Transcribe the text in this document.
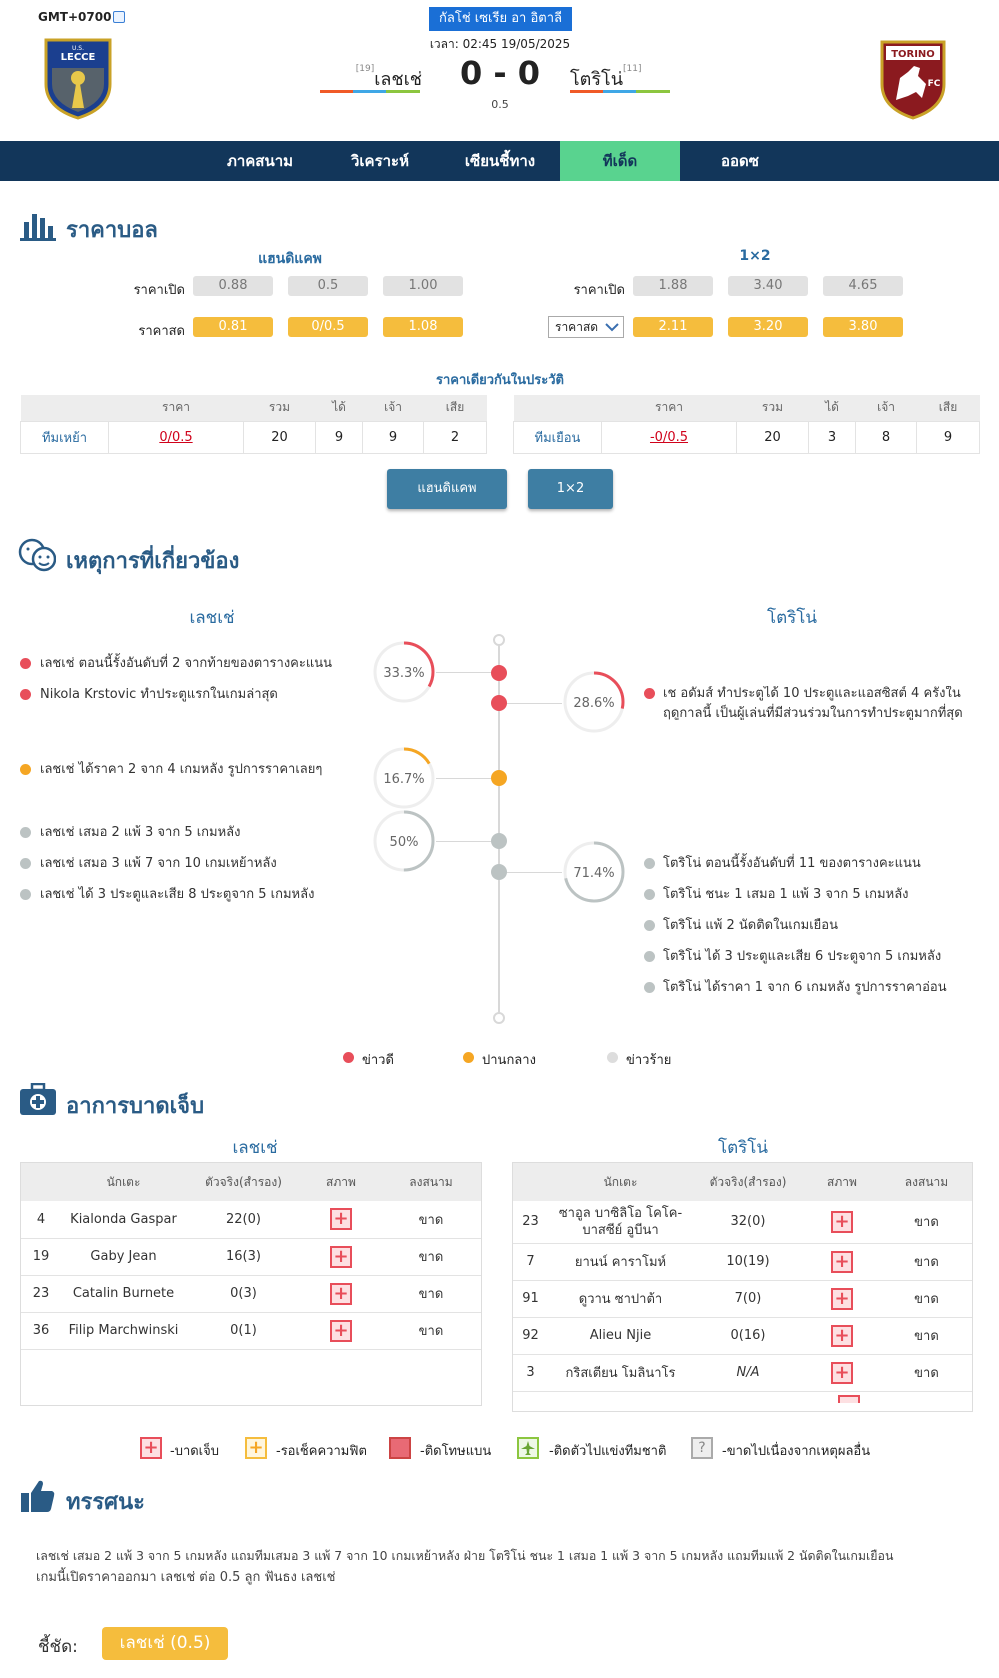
GMT+0700	กัลโช่ เซเรีย อา อิตาลี
เวลา: 02:45 19/05/2025
U.S.
LECCE	TORINO
FC
[19]เลชเช่	0 - 0
0.5
โตริโน่[11]
ภาคสนาม	วิเคราะห์	เซียนชี้ทาง	ทีเด็ด	ออดซ
ราคาบอล
แฮนดิแคพ	1×2
ราคาเปิด	0.88	0.5	1.00
ราคาสด	0.81	0/0.5	1.08
ราคาเปิด	1.88	3.40	4.65
ราคาสด	2.11	3.20	3.80
ราคาเดียวกันในประวัติ
	ราคา	รวม	ได้	เจ้า	เสีย
ทีมเหย้า	0/0.5	20	9	9	2
	ราคา	รวม	ได้	เจ้า	เสีย
ทีมเยือน	-0/0.5	20	3	8	9
แฮนดิแคพ	1×2
เหตุการที่เกี่ยวข้อง
เลชเช่	โตริโน่
33.3%
28.6%
16.7%
50%
71.4%
เลชเช่ ตอนนี้รั้งอันดับที่ 2 จากท้ายของตารางคะแนน
Nikola Krstovic ทำประตูแรกในเกมล่าสุด
เลชเช่ ได้ราคา 2 จาก 4 เกมหลัง รูปการราคาเลยๆ
เลชเช่ เสมอ 2 แพ้ 3 จาก 5 เกมหลัง
เลชเช่ เสมอ 3 แพ้ 7 จาก 10 เกมเหย้าหลัง
เลชเช่ ได้ 3 ประตูและเสีย 8 ประตูจาก 5 เกมหลัง
เช อดัมส์ ทำประตูได้ 10 ประตูและแอสซิสต์ 4 ครั้งใน
ฤดูกาลนี้ เป็นผู้เล่นที่มีส่วนร่วมในการทำประตูมากที่สุด
โตริโน่ ตอนนี้รั้งอันดับที่ 11 ของตารางคะแนน
โตริโน่ ชนะ 1 เสมอ 1 แพ้ 3 จาก 5 เกมหลัง
โตริโน่ แพ้ 2 นัดติดในเกมเยือน
โตริโน่ ได้ 3 ประตูและเสีย 6 ประตูจาก 5 เกมหลัง
โตริโน่ ได้ราคา 1 จาก 6 เกมหลัง รูปการราคาอ่อน
ข่าวดี	ปานกลาง	ข่าวร้าย
อาการบาดเจ็บ
เลชเช่	โตริโน่
	นักเตะ	ตัวจริง(สำรอง)	สภาพ	ลงสนาม
4	Kialonda Gaspar	22(0)	+	ขาด
19	Gaby Jean	16(3)	+	ขาด
23	Catalin Burnete	0(3)	+	ขาด
36	Filip Marchwinski	0(1)	+	ขาด
	นักเตะ	ตัวจริง(สำรอง)	สภาพ	ลงสนาม
23	ซาอูล บาซิลิโอ โคโค-
บาสซีย์ อูบีนา	32(0)	+	ขาด
7	ยานน์ คาราโมห์	10(19)	+	ขาด
91	ดูวาน ซาปาต้า	7(0)	+	ขาด
92	Alieu Njie	0(16)	+	ขาด
3	กริสเตียน โมลินาโร	N/A	+	ขาด
+ -บาดเจ็บ + -รอเช็คความฟิต	-ติดโทษแบน	-ติดตัวไปแข่งทีมชาติ	?	-ขาดไปเนื่องจากเหตุผลอื่น
ทรรศนะ
เลชเช่ เสมอ 2 แพ้ 3 จาก 5 เกมหลัง แถมทีมเสมอ 3 แพ้ 7 จาก 10 เกมเหย้าหลัง ฝ่าย โตริโน่ ชนะ 1 เสมอ 1 แพ้ 3 จาก 5 เกมหลัง แถมทีมแพ้ 2 นัดติดในเกมเยือน
เกมนี้เปิดราคาออกมา เลชเช่ ต่อ 0.5 ลูก ฟันธง เลชเช่
ชี้ชัด:	เลชเช่ (0.5)
